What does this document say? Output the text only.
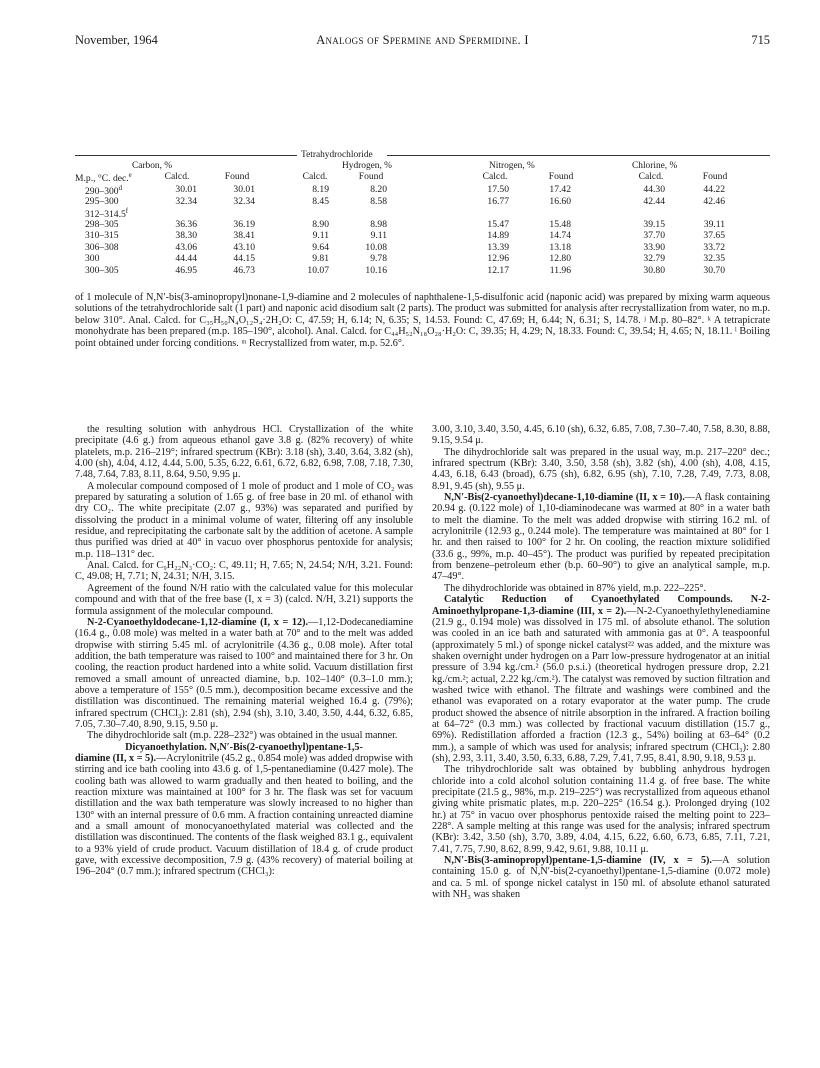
November, 1964	Analogs of Spermine and Spermidine. I	715
Tetrahydrochloride
Carbon, %	Hydrogen, %	Nitrogen, %	Chlorine, %
M.p., °C. dec.$^e$	Calcd.	Found	Calcd.	Found	Calcd.	Found	Calcd.	Found
290–300$^d$	30.01	30.01	8.19	8.20	17.50	17.42	44.30	44.22
295–300	32.34	32.34	8.45	8.58	16.77	16.60	42.44	42.46
312–314.5$^f$
298–305	36.36	36.19	8.90	8.98	15.47	15.48	39.15	39.11
310–315	38.30	38.41	9.11	9.11	14.89	14.74	37.70	37.65
306–308	43.06	43.10	9.64	10.08	13.39	13.18	33.90	33.72
300	44.44	44.15	9.81	9.78	12.96	12.80	32.79	32.35
300–305	46.95	46.73	10.07	10.16	12.17	11.96	30.80	30.70
of 1 molecule of N,N′-bis(3-aminopropyl)nonane-1,9-diamine and 2 molecules of naphthalene-1,5-disulfonic acid (naponic acid) was prepared by mixing warm aqueous solutions of the tetrahydrochloride salt (1 part) and naponic acid disodium salt (2 parts). The product was submitted for analysis after recrystallization from water, no m.p. below 310°. Anal. Calcd. for C₃₅H₅₀N₄O₁₂S₄·2H₂O: C, 47.59; H, 6.14; N, 6.35; S, 14.53. Found: C, 47.69; H, 6.44; N, 6.31; S, 14.78. ʲ M.p. 80–82°. ᵏ A tetrapicrate monohydrate has been prepared (m.p. 185–190°, alcohol). Anal. Calcd. for C₄₄H₅₂N₁₈O₂₈·H₂O: C, 39.35; H, 4.29; N, 18.33. Found: C, 39.54; H, 4.65; N, 18.11. ˡ Boiling point obtained under forcing conditions. ᵐ Recrystallized from water, m.p. 52.6°.

the resulting solution with anhydrous HCl. Crystallization of the white precipitate (4.6 g.) from aqueous ethanol gave 3.8 g. (82% recovery) of white platelets, m.p. 216–219°; infrared spectrum (KBr): 3.18 (sh), 3.40, 3.64, 3.82 (sh), 4.00 (sh), 4.04, 4.12, 4.44, 5.00, 5.35, 6.22, 6.61, 6.72, 6.82, 6.98, 7.08, 7.18, 7.30, 7.48, 7.64, 7.83, 8.11, 8.64, 9.50, 9.95 μ.

A molecular compound composed of 1 mole of product and 1 mole of CO₂ was prepared by saturating a solution of 1.65 g. of free base in 20 ml. of ethanol with dry CO₂. The white precipitate (2.07 g., 93%) was separated and purified by dissolving the product in a minimal volume of water, filtering off any insoluble residue, and reprecipitating the carbonate salt by the addition of acetone. A sample thus purified was dried at 40° in vacuo over phosphorus pentoxide for analysis; m.p. 118–131° dec.

Anal. Calcd. for C₉H₂₂N₃·CO₂: C, 49.11; H, 7.65; N, 24.54; N/H, 3.21. Found: C, 49.08; H, 7.71; N, 24.31; N/H, 3.15.

Agreement of the found N/H ratio with the calculated value for this molecular compound and with that of the free base (I, x = 3) (calcd. N/H, 3.21) supports the formula assignment of the molecular compound.

N-2-Cyanoethyldodecane-1,12-diamine (I, x = 12).—1,12-Dodecanediamine (16.4 g., 0.08 mole) was melted in a water bath at 70° and to the melt was added dropwise with stirring 5.45 ml. of acrylonitrile (4.36 g., 0.08 mole). After total addition, the bath temperature was raised to 100° and maintained there for 3 hr. On cooling, the reaction product hardened into a white solid. Vacuum distillation first removed a small amount of unreacted diamine, b.p. 102–140° (0.3–1.0 mm.); above a temperature of 155° (0.5 mm.), decomposition became excessive and the distillation was discontinued. The remaining material weighed 16.4 g. (79%); infrared spectrum (CHCl₃): 2.81 (sh), 2.94 (sh), 3.10, 3.40, 3.50, 4.44, 6.32, 6.85, 7.05, 7.30–7.40, 8.90, 9.15, 9.50 μ.

The dihydrochloride salt (m.p. 228–232°) was obtained in the usual manner.

Dicyanoethylation. N,N′-Bis(2-cyanoethyl)pentane-1,5-

diamine (II, x = 5).—Acrylonitrile (45.2 g., 0.854 mole) was added dropwise with stirring and ice bath cooling into 43.6 g. of 1,5-pentanediamine (0.427 mole). The cooling bath was allowed to warm gradually and then heated to boiling, and the reaction mixture was maintained at 100° for 3 hr. The flask was set for vacuum distillation and the wax bath temperature was slowly increased to no higher than 130° with an internal pressure of 0.6 mm. A fraction containing unreacted diamine and a small amount of monocyanoethylated material was collected and the distillation was discontinued. The contents of the flask weighed 83.1 g., equivalent to a 93% yield of crude product. Vacuum distillation of 18.4 g. of crude product gave, with excessive decomposition, 7.9 g. (43% recovery) of material boiling at 196–204° (0.7 mm.); infrared spectrum (CHCl₃):

3.00, 3.10, 3.40, 3.50, 4.45, 6.10 (sh), 6.32, 6.85, 7.08, 7.30–7.40, 7.58, 8.30, 8.88, 9.15, 9.54 μ.

The dihydrochloride salt was prepared in the usual way, m.p. 217–220° dec.; infrared spectrum (KBr): 3.40, 3.50, 3.58 (sh), 3.82 (sh), 4.00 (sh), 4.08, 4.15, 4.43, 6.18, 6.43 (broad), 6.75 (sh), 6.82, 6.95 (sh), 7.10, 7.28, 7.49, 7.73, 8.08, 8.91, 9.45 (sh), 9.55 μ.

N,N′-Bis(2-cyanoethyl)decane-1,10-diamine (II, x = 10).—A flask containing 20.94 g. (0.122 mole) of 1,10-diaminodecane was warmed at 80° in a water bath to melt the diamine. To the melt was added dropwise with stirring 16.2 ml. of acrylonitrile (12.93 g., 0.244 mole). The temperature was maintained at 80° for 1 hr. and then raised to 100° for 2 hr. On cooling, the reaction mixture solidified (33.6 g., 99%, m.p. 40–45°). The product was purified by repeated precipitation from benzene–petroleum ether (b.p. 60–90°) to give an analytical sample, m.p. 47–49°.

The dihydrochloride was obtained in 87% yield, m.p. 222–225°.

Catalytic Reduction of Cyanoethylated Compounds. N-2-Aminoethylpropane-1,3-diamine (III, x = 2).—N-2-Cyanoethylethylenediamine (21.9 g., 0.194 mole) was dissolved in 175 ml. of absolute ethanol. The solution was cooled in an ice bath and saturated with ammonia gas at 0°. A teaspoonful (approximately 5 ml.) of sponge nickel catalyst²² was added, and the mixture was shaken overnight under hydrogen on a Parr low-pressure hydrogenator at an initial pressure of 3.94 kg./cm.² (56.0 p.s.i.) (theoretical hydrogen pressure drop, 2.21 kg./cm.²; actual, 2.22 kg./cm.²). The catalyst was removed by suction filtration and washed twice with ethanol. The filtrate and washings were combined and the ethanol was evaporated on a rotary evaporator at the water pump. The crude product showed the absence of nitrile absorption in the infrared. A fraction boiling at 64–72° (0.3 mm.) was collected by fractional vacuum distillation (15.7 g., 69%). Redistillation afforded a fraction (12.3 g., 54%) boiling at 63–64° (0.2 mm.), a sample of which was used for analysis; infrared spectrum (CHCl₃): 2.80 (sh), 2.93, 3.11, 3.40, 3.50, 6.33, 6.88, 7.29, 7.41, 7.95, 8.41, 8.90, 9.18, 9.53 μ.

The trihydrochloride salt was obtained by bubbling anhydrous hydrogen chloride into a cold alcohol solution containing 11.4 g. of free base. The white precipitate (21.5 g., 98%, m.p. 219–225°) was recrystallized from aqueous ethanol giving white prismatic plates, m.p. 220–225° (16.54 g.). Prolonged drying (102 hr.) at 75° in vacuo over phosphorus pentoxide raised the melting point to 223–228°. A sample melting at this range was used for the analysis; infrared spectrum (KBr): 3.42, 3.50 (sh), 3.70, 3.89, 4.04, 4.15, 6.22, 6.60, 6.73, 6.85, 7.11, 7.21, 7.41, 7.75, 7.90, 8.62, 8.99, 9.42, 9.61, 9.88, 10.11 μ.

N,N′-Bis(3-aminopropyl)pentane-1,5-diamine (IV, x = 5).—A solution containing 15.0 g. of N,N′-bis(2-cyanoethyl)pentane-1,5-diamine (0.072 mole) and ca. 5 ml. of sponge nickel catalyst in 150 ml. of absolute ethanol saturated with NH₃ was shaken
